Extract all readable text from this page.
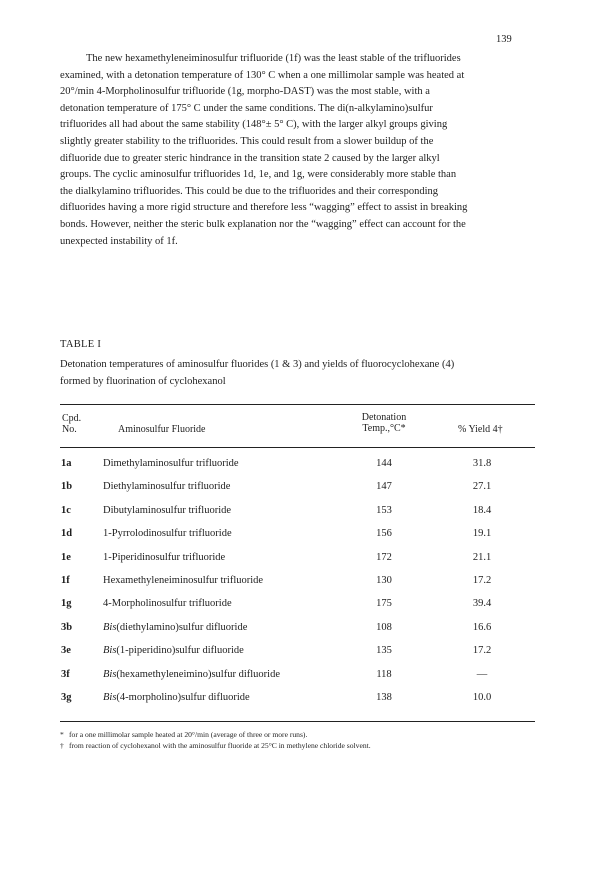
139
The new hexamethyleneiminosulfur trifluoride (1f) was the least stable of the trifluorides
examined, with a detonation temperature of 130° C when a one millimolar sample was heated at
20°/min 4-Morpholinosulfur trifluoride (1g, morpho-DAST) was the most stable, with a
detonation temperature of 175° C under the same conditions. The di(n-alkylamino)sulfur
trifluorides all had about the same stability (148°± 5° C), with the larger alkyl groups giving
slightly greater stability to the trifluorides. This could result from a slower buildup of the
difluoride due to greater steric hindrance in the transition state 2 caused by the larger alkyl
groups. The cyclic aminosulfur trifluorides 1d, 1e, and 1g, were considerably more stable than
the dialkylamino trifluorides. This could be due to the trifluorides and their corresponding
difluorides having a more rigid structure and therefore less “wagging” effect to assist in breaking
bonds. However, neither the steric bulk explanation nor the “wagging” effect can account for the
unexpected instability of 1f.
TABLE I
Detonation temperatures of aminosulfur fluorides (1 & 3) and yields of fluorocyclohexane (4)
formed by fluorination of cyclohexanol
Cpd.
No.	Aminosulfur Fluoride
Detonation
Temp.,°C*	% Yield 4†
1a	Dimethylaminosulfur trifluoride	144	31.8
1b	Diethylaminosulfur trifluoride	147	27.1
1c	Dibutylaminosulfur trifluoride	153	18.4
1d	1-Pyrrolodinosulfur trifluoride	156	19.1
1e	1-Piperidinosulfur trifluoride	172	21.1
1f	Hexamethyleneiminosulfur trifluoride	130	17.2
1g	4-Morpholinosulfur trifluoride	175	39.4
3b	Bis(diethylamino)sulfur difluoride	108	16.6
3e	Bis(1-piperidino)sulfur difluoride	135	17.2
3f	Bis(hexamethyleneimino)sulfur difluoride	118	—
3g	Bis(4-morpholino)sulfur difluoride	138	10.0
* for a one millimolar sample heated at 20°/min (average of three or more runs).
† from reaction of cyclohexanol with the aminosulfur fluoride at 25°C in methylene chloride solvent.
